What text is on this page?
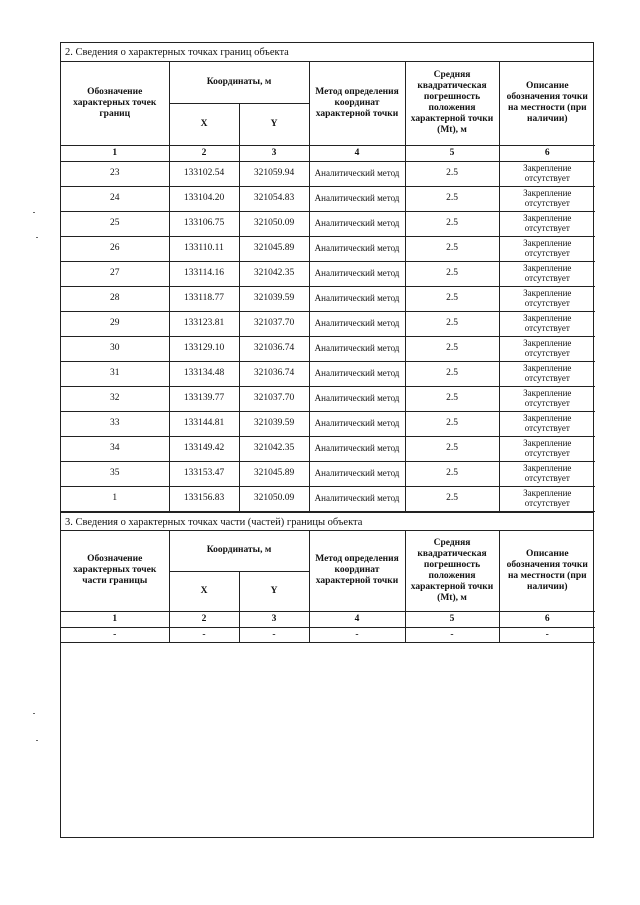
2. Сведения о характерных точках границ объекта
Обозначение характерных точек границ	Координаты, м		Метод определения координат характерной точки	Средняя квадратическая погрешность положения характерной точки (Mt), м	Описание обозначения точки на местности (при наличии)
	X	Y			
1	2	3	4	5	6
23	133102.54	321059.94	Аналитический метод	2.5	Закрепление отсутствует
24	133104.20	321054.83	Аналитический метод	2.5	Закрепление отсутствует
25	133106.75	321050.09	Аналитический метод	2.5	Закрепление отсутствует
26	133110.11	321045.89	Аналитический метод	2.5	Закрепление отсутствует
27	133114.16	321042.35	Аналитический метод	2.5	Закрепление отсутствует
28	133118.77	321039.59	Аналитический метод	2.5	Закрепление отсутствует
29	133123.81	321037.70	Аналитический метод	2.5	Закрепление отсутствует
30	133129.10	321036.74	Аналитический метод	2.5	Закрепление отсутствует
31	133134.48	321036.74	Аналитический метод	2.5	Закрепление отсутствует
32	133139.77	321037.70	Аналитический метод	2.5	Закрепление отсутствует
33	133144.81	321039.59	Аналитический метод	2.5	Закрепление отсутствует
34	133149.42	321042.35	Аналитический метод	2.5	Закрепление отсутствует
35	133153.47	321045.89	Аналитический метод	2.5	Закрепление отсутствует
1	133156.83	321050.09	Аналитический метод	2.5	Закрепление отсутствует
3. Сведения о характерных точках части (частей) границы объекта
Обозначение характерных точек части границы	Координаты, м		Метод определения координат характерной точки	Средняя квадратическая погрешность положения характерной точки (Mt), м	Описание обозначения точки на местности (при наличии)
	X	Y			
1	2	3	4	5	6
-	-	-	-	-	-
